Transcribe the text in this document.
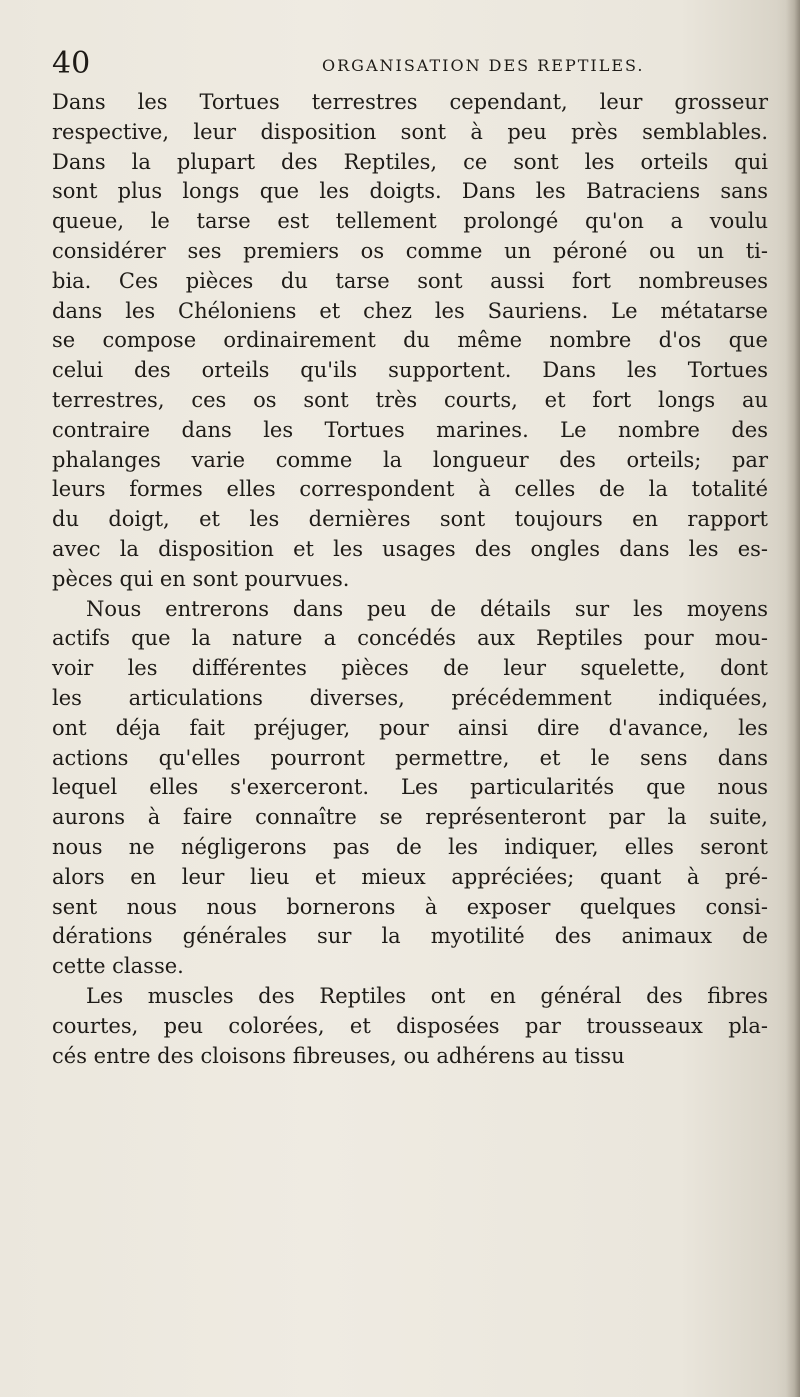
40	ORGANISATION DES REPTILES.
Dans les Tortues terrestres cependant, leur grosseur
respective, leur disposition sont à peu près semblables.
Dans la plupart des Reptiles, ce sont les orteils qui
sont plus longs que les doigts. Dans les Batraciens sans
queue, le tarse est tellement prolongé qu'on a voulu
considérer ses premiers os comme un péroné ou un ti-
bia. Ces pièces du tarse sont aussi fort nombreuses
dans les Chéloniens et chez les Sauriens. Le métatarse
se compose ordinairement du même nombre d'os que
celui des orteils qu'ils supportent. Dans les Tortues
terrestres, ces os sont très courts, et fort longs au
contraire dans les Tortues marines. Le nombre des
phalanges varie comme la longueur des orteils; par
leurs formes elles correspondent à celles de la totalité
du doigt, et les dernières sont toujours en rapport
avec la disposition et les usages des ongles dans les es-
pèces qui en sont pourvues.
Nous entrerons dans peu de détails sur les moyens
actifs que la nature a concédés aux Reptiles pour mou-
voir les différentes pièces de leur squelette, dont
les articulations diverses, précédemment indiquées,
ont déja fait préjuger, pour ainsi dire d'avance, les
actions qu'elles pourront permettre, et le sens dans
lequel elles s'exerceront. Les particularités que nous
aurons à faire connaître se représenteront par la suite,
nous ne négligerons pas de les indiquer, elles seront
alors en leur lieu et mieux appréciées; quant à pré-
sent nous nous bornerons à exposer quelques consi-
dérations générales sur la myotilité des animaux de
cette classe.
Les muscles des Reptiles ont en général des fibres
courtes, peu colorées, et disposées par trousseaux pla-
cés entre des cloisons fibreuses, ou adhérens au tissu
